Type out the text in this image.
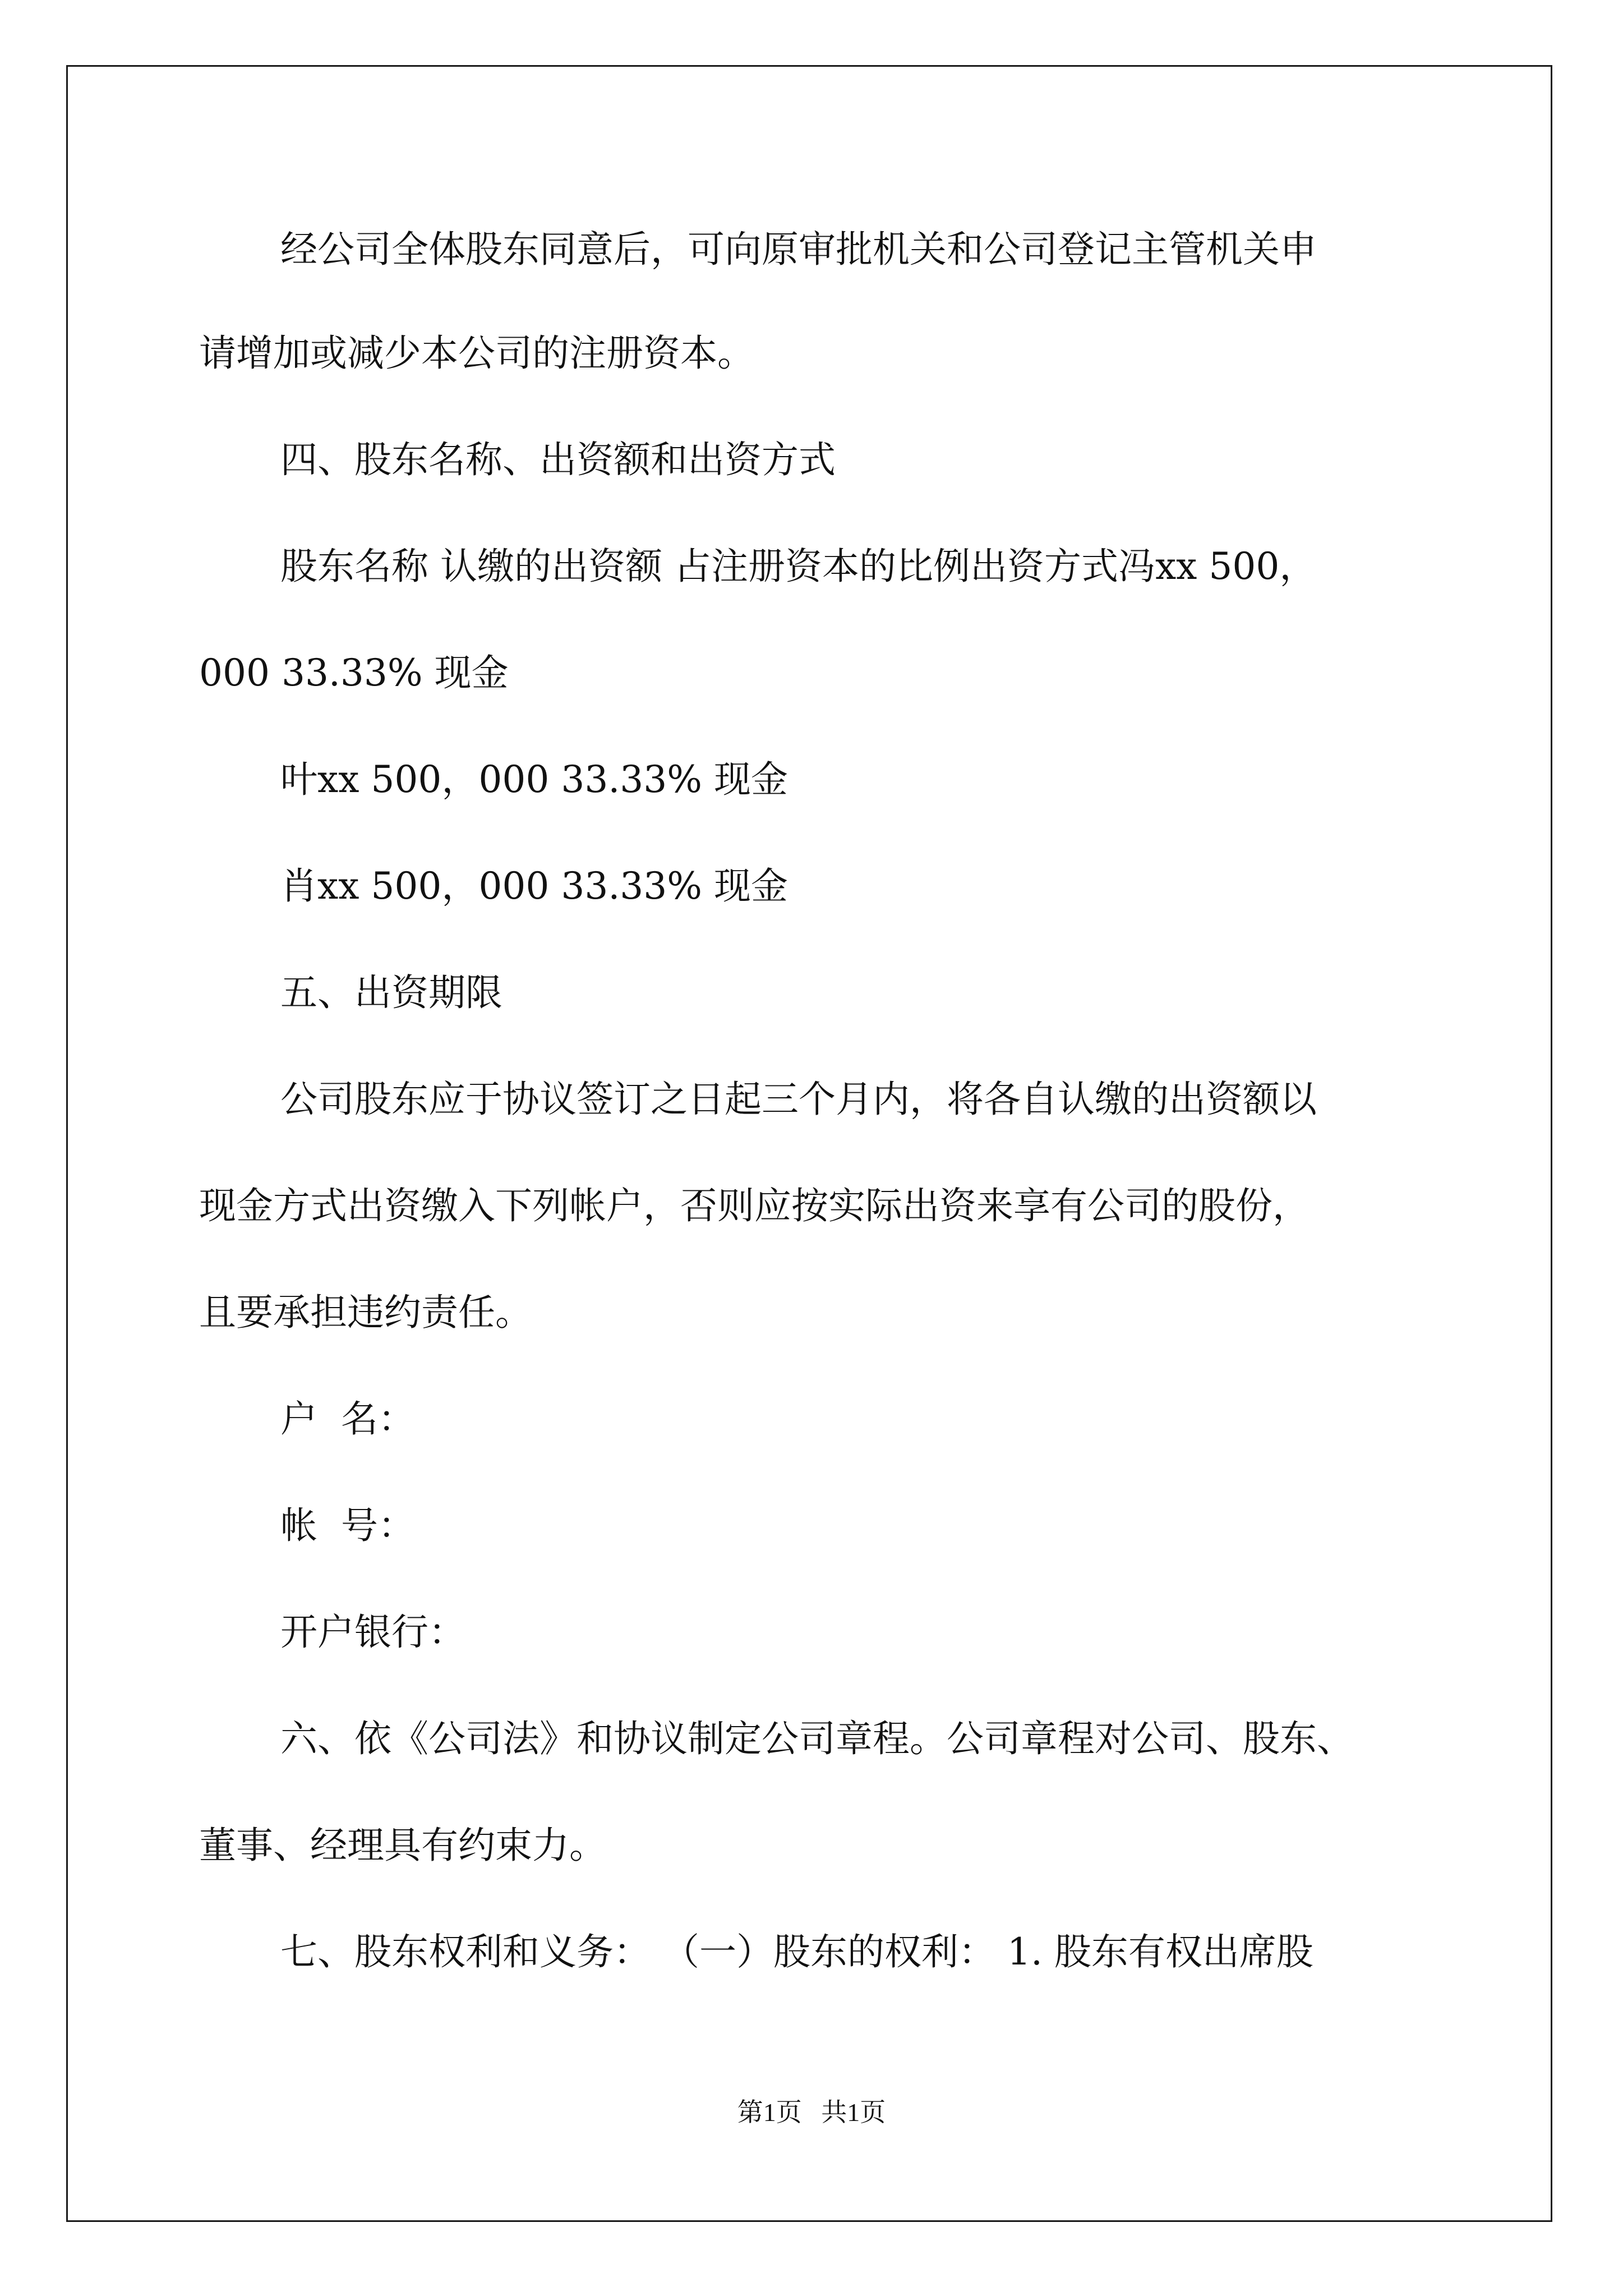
经公司全体股东同意后，可向原审批机关和公司登记主管机关申

请增加或减少本公司的注册资本。

四、股东名称、出资额和出资方式

股东名称 认缴的出资额 占注册资本的比例出资方式冯xx 500，

000 33.33% 现金

叶xx 500，000 33.33% 现金

肖xx 500，000 33.33% 现金

五、出资期限

公司股东应于协议签订之日起三个月内，将各自认缴的出资额以

现金方式出资缴入下列帐户，否则应按实际出资来享有公司的股份，

且要承担违约责任。

户  名：

帐  号：

开户银行：

六、依《公司法》和协议制定公司章程。公司章程对公司、股东、

董事、经理具有约束力。

七、股东权利和义务： （一）股东的权利： 1. 股东有权出席股

第1页   共1页
